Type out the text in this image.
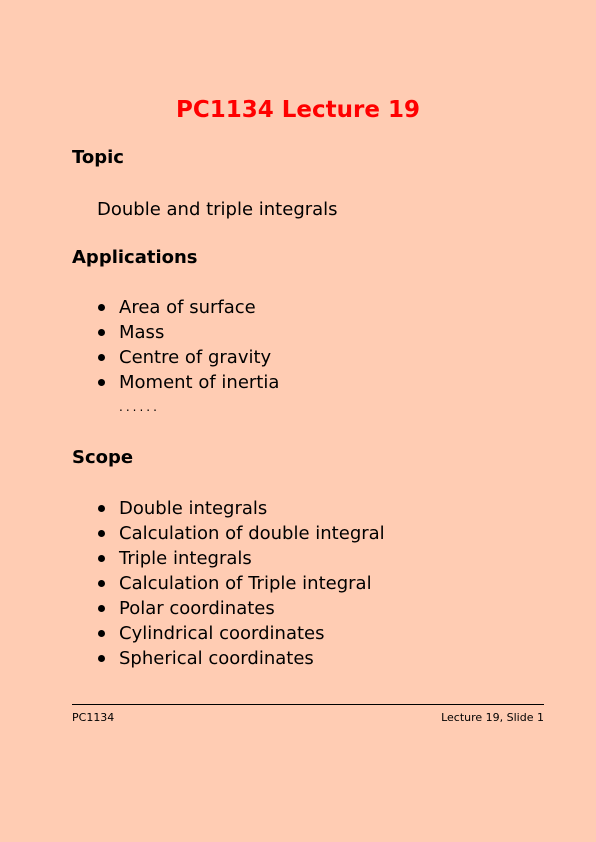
PC1134 Lecture 19
Topic
Double and triple integrals
Applications
Area of surface
Mass
Centre of gravity
Moment of inertia
......
Scope
Double integrals
Calculation of double integral
Triple integrals
Calculation of Triple integral
Polar coordinates
Cylindrical coordinates
Spherical coordinates
PC1134	Lecture 19, Slide 1
